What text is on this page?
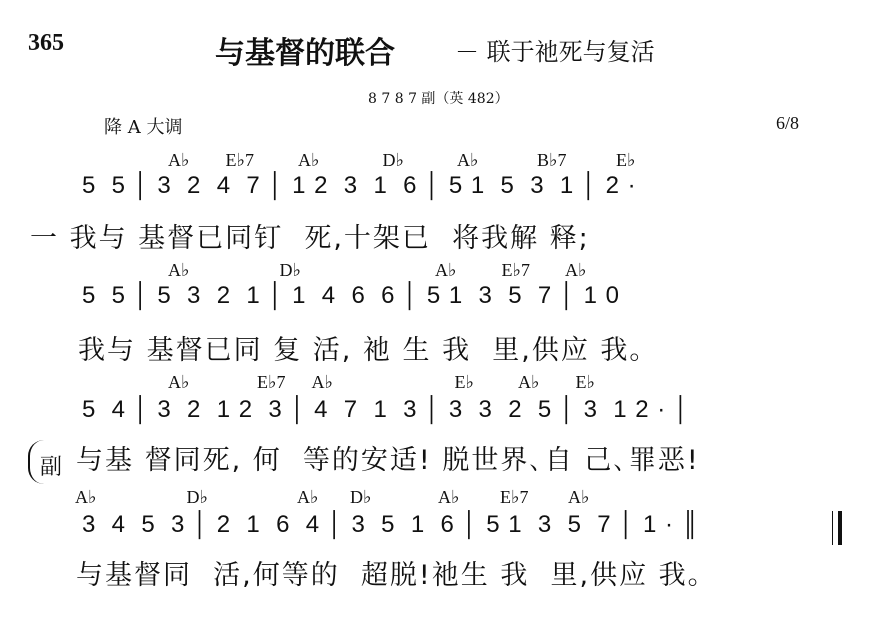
365	与基督的联合	－ 联于祂死与复活
8 7 8 7 副（英 482）
降 A 大调	6/8
A♭        E♭7          A♭              D♭            A♭             B♭7           E♭
5  5 │ 3  2  4  7 │ 1 2  3  1  6 │ 5 1  5  3  1 │ 2 ·
一 我与 基督已同钉  死,十架已  将我解 释;
A♭                    D♭                              A♭          E♭7        A♭
5  5 │ 5  3  2  1 │ 1  4  6  6 │ 5 1  3  5  7 │ 1 0
我与 基督已同 复 活, 祂 生 我  里,供应 我。
A♭               E♭7      A♭                           E♭          A♭        E♭
5  4 │ 3  2  1 2  3 │ 4  7  1  3 │ 3  3  2  5 │ 3  1 2 · │
与基 督同死, 何  等的安适! 脱世界､自 己､罪恶!
副
A♭                    D♭                    A♭       D♭               A♭         E♭7         A♭
3  4  5  3 │ 2  1  6  4 │ 3  5  1  6 │ 5 1  3  5  7 │ 1 · ║
与基督同  活,何等的  超脱!祂生 我  里,供应 我。
